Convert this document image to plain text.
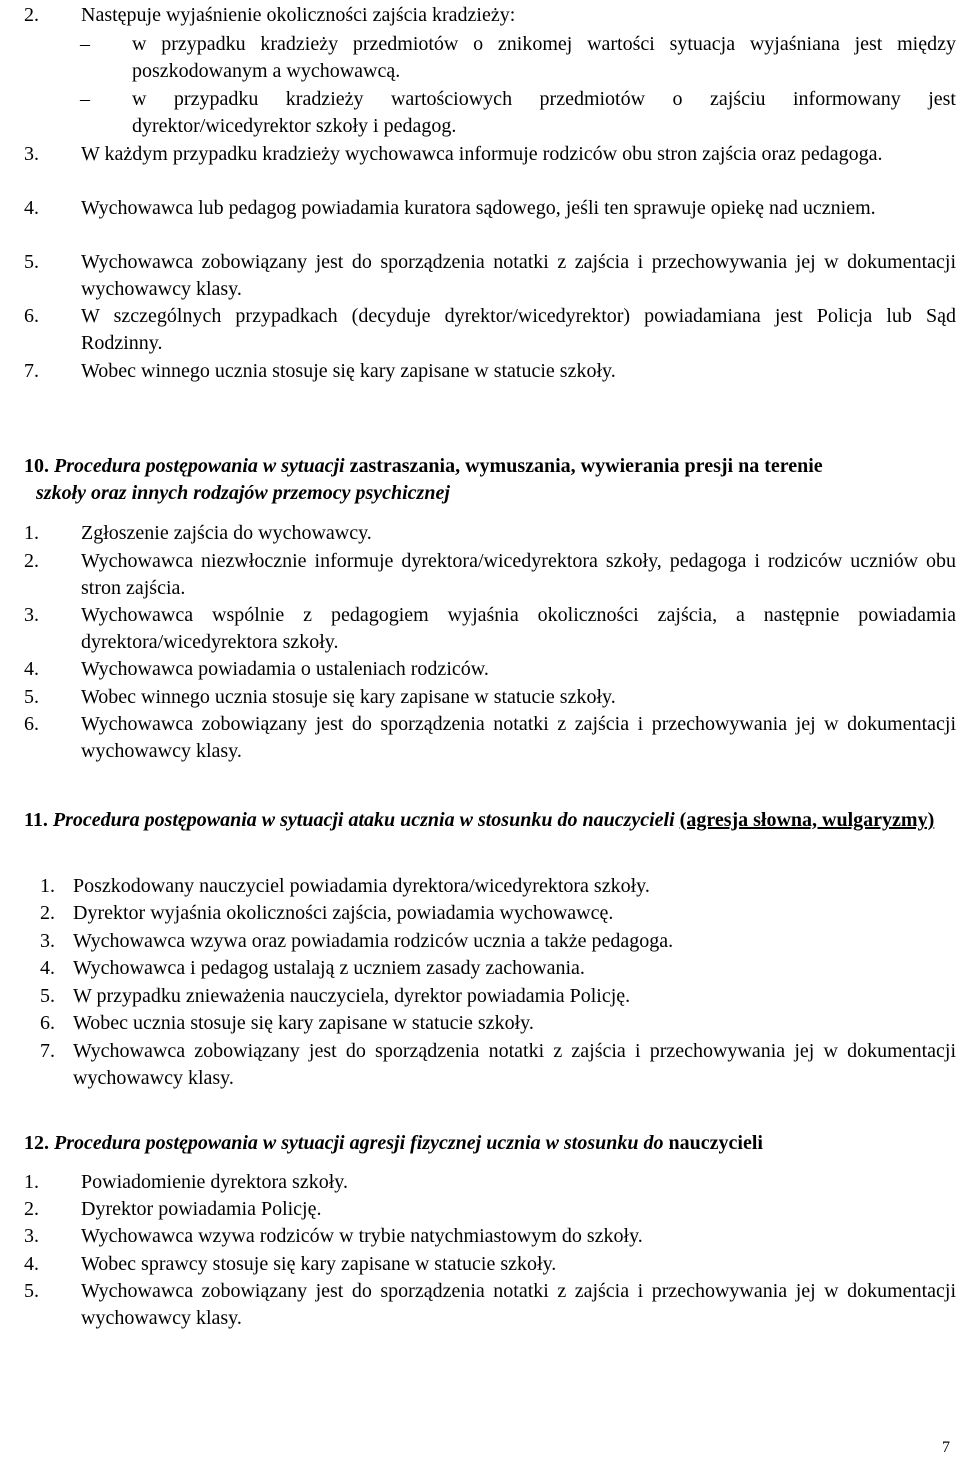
2.	Następuje wyjaśnienie okoliczności zajścia kradzieży:
–	w przypadku kradzieży przedmiotów o znikomej wartości sytuacja wyjaśniana jest między poszkodowanym a wychowawcą.
–	w przypadku kradzieży wartościowych przedmiotów o zajściu informowany jest dyrektor/wicedyrektor szkoły i pedagog.
3.	W każdym przypadku kradzieży wychowawca informuje rodziców obu stron zajścia oraz pedagoga.
4.	Wychowawca lub pedagog powiadamia kuratora sądowego, jeśli ten sprawuje opiekę nad uczniem.
5.	Wychowawca zobowiązany jest do sporządzenia notatki z zajścia i przechowywania jej w dokumentacji wychowawcy klasy.
6.	W szczególnych przypadkach (decyduje dyrektor/wicedyrektor) powiadamiana jest Policja lub Sąd Rodzinny.
7.	Wobec winnego ucznia stosuje się kary zapisane w statucie szkoły.
10. Procedura postępowania w sytuacji zastraszania, wymuszania, wywierania presji na terenie
szkoły oraz innych rodzajów przemocy psychicznej
1.	Zgłoszenie zajścia do wychowawcy.
2.	Wychowawca niezwłocznie informuje dyrektora/wicedyrektora szkoły, pedagoga i rodziców uczniów obu stron zajścia.
3.	Wychowawca wspólnie z pedagogiem wyjaśnia okoliczności zajścia, a następnie powiadamia dyrektora/wicedyrektora szkoły.
4.	Wychowawca powiadamia o ustaleniach rodziców.
5.	Wobec winnego ucznia stosuje się kary zapisane w statucie szkoły.
6.	Wychowawca zobowiązany jest do sporządzenia notatki z zajścia i przechowywania jej w dokumentacji wychowawcy klasy.
11. Procedura postępowania w sytuacji ataku ucznia w stosunku do nauczycieli (agresja słowna, wulgaryzmy)
1. Poszkodowany nauczyciel powiadamia dyrektora/wicedyrektora szkoły.
2. Dyrektor wyjaśnia okoliczności zajścia, powiadamia wychowawcę.
3. Wychowawca wzywa oraz powiadamia rodziców ucznia a także pedagoga.
4. Wychowawca i pedagog ustalają z uczniem zasady zachowania.
5. W przypadku znieważenia nauczyciela, dyrektor powiadamia Policję.
6. Wobec ucznia stosuje się kary zapisane w statucie szkoły.
7. Wychowawca zobowiązany jest do sporządzenia notatki z zajścia i przechowywania jej w dokumentacji wychowawcy klasy.
12. Procedura postępowania w sytuacji agresji fizycznej ucznia w stosunku do nauczycieli
1.	Powiadomienie dyrektora szkoły.
2.	Dyrektor powiadamia Policję.
3.	Wychowawca wzywa rodziców w trybie natychmiastowym do szkoły.
4.	Wobec sprawcy stosuje się kary zapisane w statucie szkoły.
5.	Wychowawca zobowiązany jest do sporządzenia notatki z zajścia i przechowywania jej w dokumentacji wychowawcy klasy.
7
